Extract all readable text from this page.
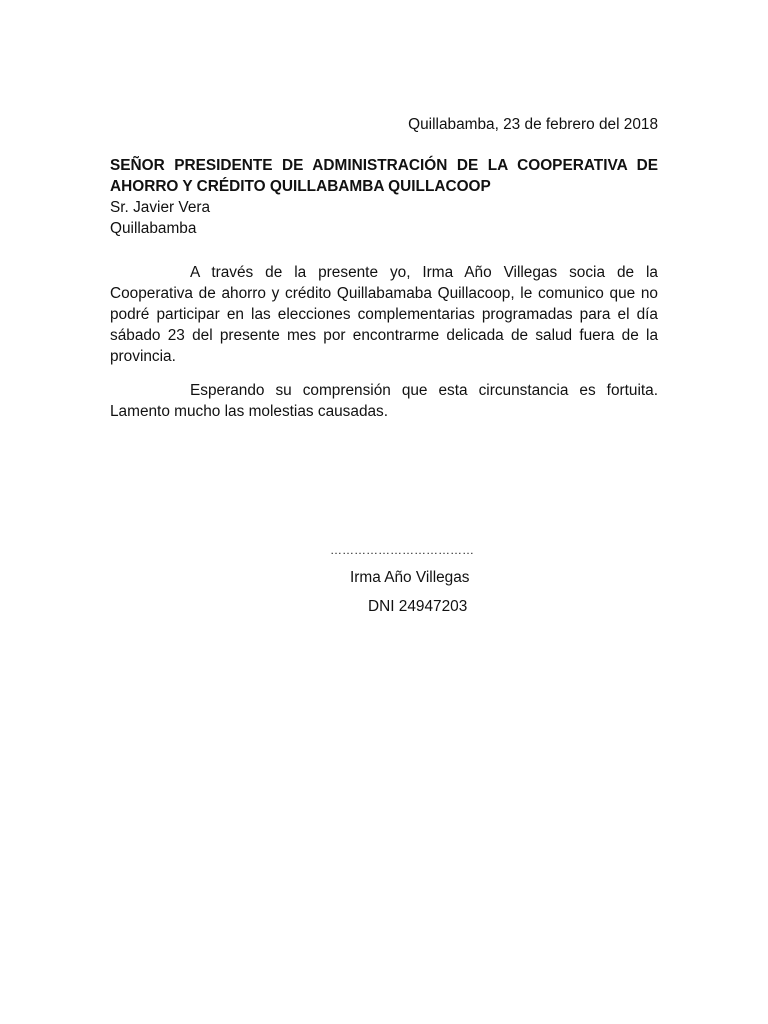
Quillabamba, 23 de febrero del 2018
SEÑOR PRESIDENTE DE ADMINISTRACIÓN DE LA COOPERATIVA DE
AHORRO Y CRÉDITO QUILLABAMBA QUILLACOOP
Sr. Javier Vera
Quillabamba
A través de la presente yo, Irma Año Villegas socia de la Cooperativa de ahorro y crédito Quillabamaba Quillacoop, le comunico que no podré participar en las elecciones complementarias programadas para el día sábado 23 del presente mes por encontrarme delicada de salud fuera de la provincia.
Esperando su comprensión que esta circunstancia es fortuita. Lamento mucho las molestias causadas.
………………………………
Irma Año Villegas
DNI 24947203
